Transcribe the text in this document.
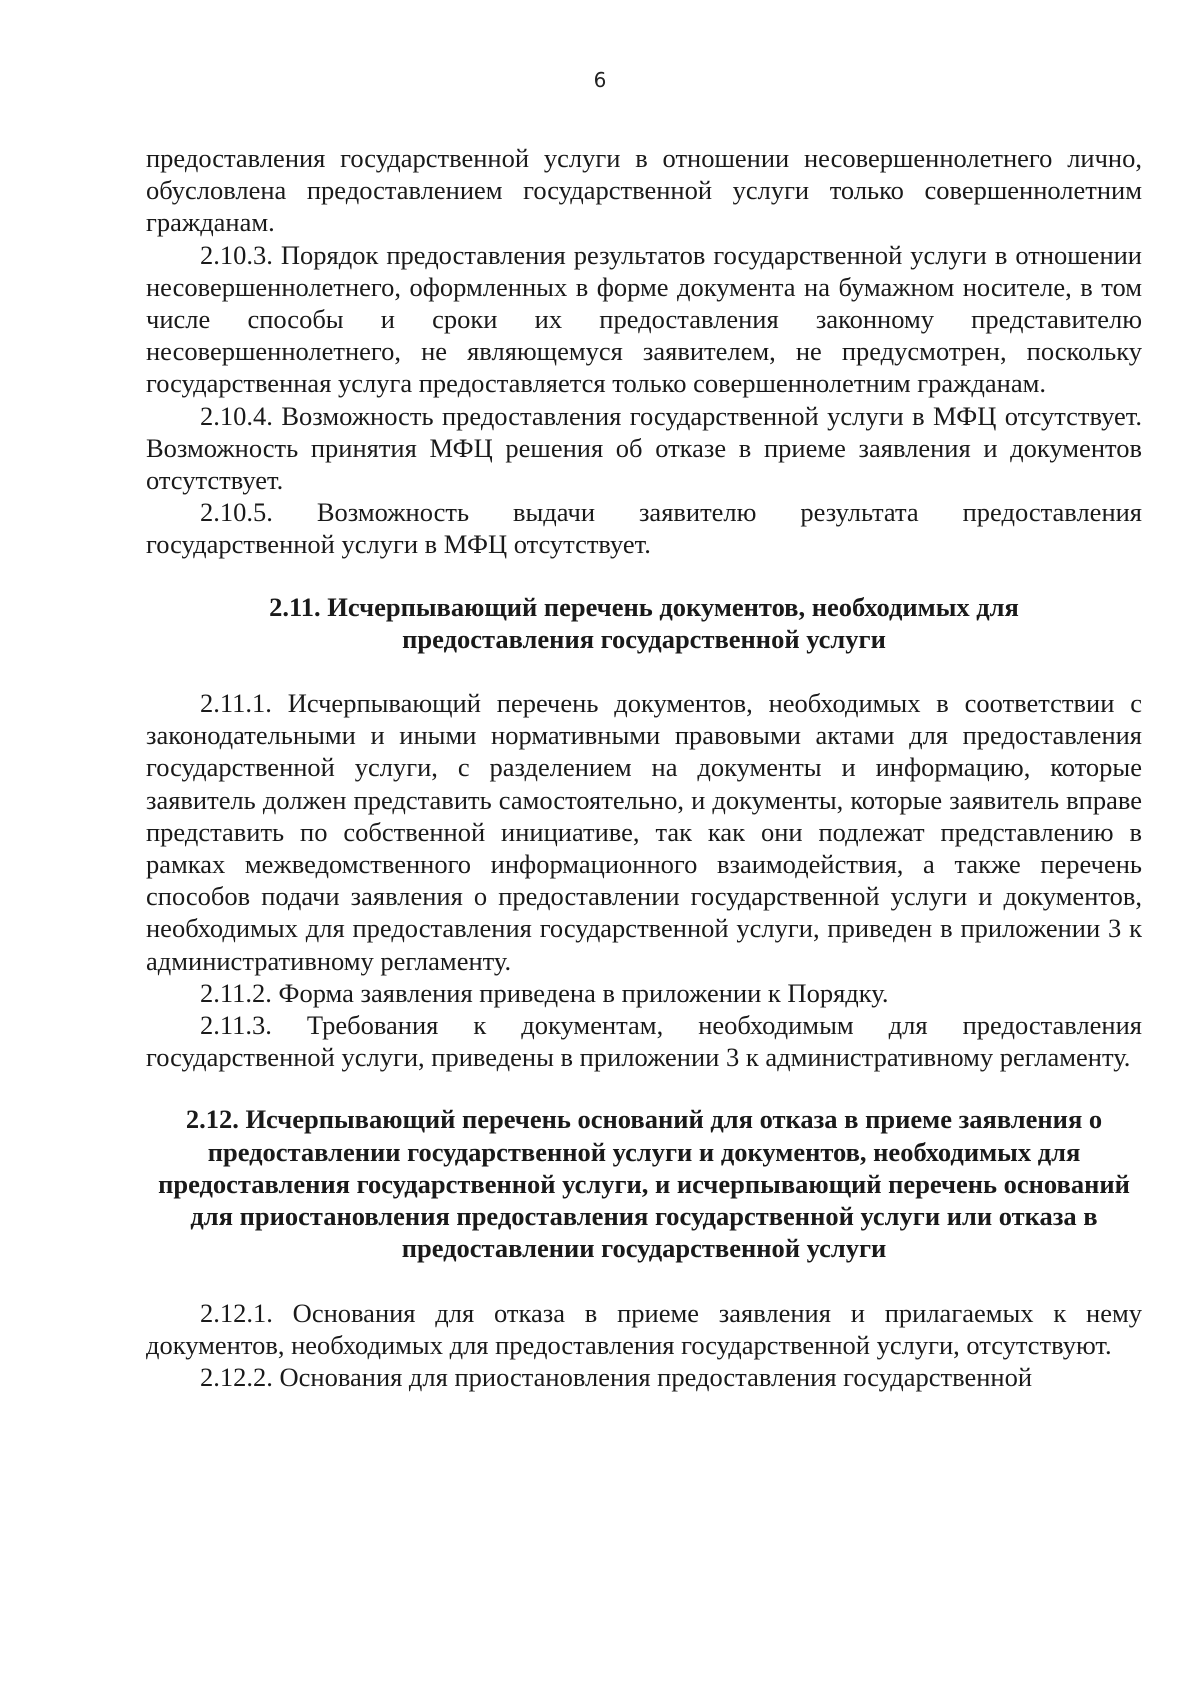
6

предоставления государственной услуги в отношении несовершеннолетнего лично, обусловлена предоставлением государственной услуги только совершеннолетним гражданам.

2.10.3. Порядок предоставления результатов государственной услуги в отношении несовершеннолетнего, оформленных в форме документа на бумажном носителе, в том числе способы и сроки их предоставления законному представителю несовершеннолетнего, не являющемуся заявителем, не предусмотрен, поскольку государственная услуга предоставляется только совершеннолетним гражданам.

2.10.4. Возможность предоставления государственной услуги в МФЦ отсутствует. Возможность принятия МФЦ решения об отказе в приеме заявления и документов отсутствует.

2.10.5. Возможность выдачи заявителю результата предоставления государственной услуги в МФЦ отсутствует.

2.11. Исчерпывающий перечень документов, необходимых для предоставления государственной услуги

2.11.1. Исчерпывающий перечень документов, необходимых в соответствии с законодательными и иными нормативными правовыми актами для предоставления государственной услуги, с разделением на документы и информацию, которые заявитель должен представить самостоятельно, и документы, которые заявитель вправе представить по собственной инициативе, так как они подлежат представлению в рамках межведомственного информационного взаимодействия, а также перечень способов подачи заявления о предоставлении государственной услуги и документов, необходимых для предоставления государственной услуги, приведен в приложении 3 к административному регламенту.

2.11.2. Форма заявления приведена в приложении к Порядку.

2.11.3. Требования к документам, необходимым для предоставления государственной услуги, приведены в приложении 3 к административному регламенту.

2.12. Исчерпывающий перечень оснований для отказа в приеме заявления о предоставлении государственной услуги и документов, необходимых для предоставления государственной услуги, и исчерпывающий перечень оснований для приостановления предоставления государственной услуги или отказа в предоставлении государственной услуги

2.12.1. Основания для отказа в приеме заявления и прилагаемых к нему документов, необходимых для предоставления государственной услуги, отсутствуют.

2.12.2. Основания для приостановления предоставления государственной
